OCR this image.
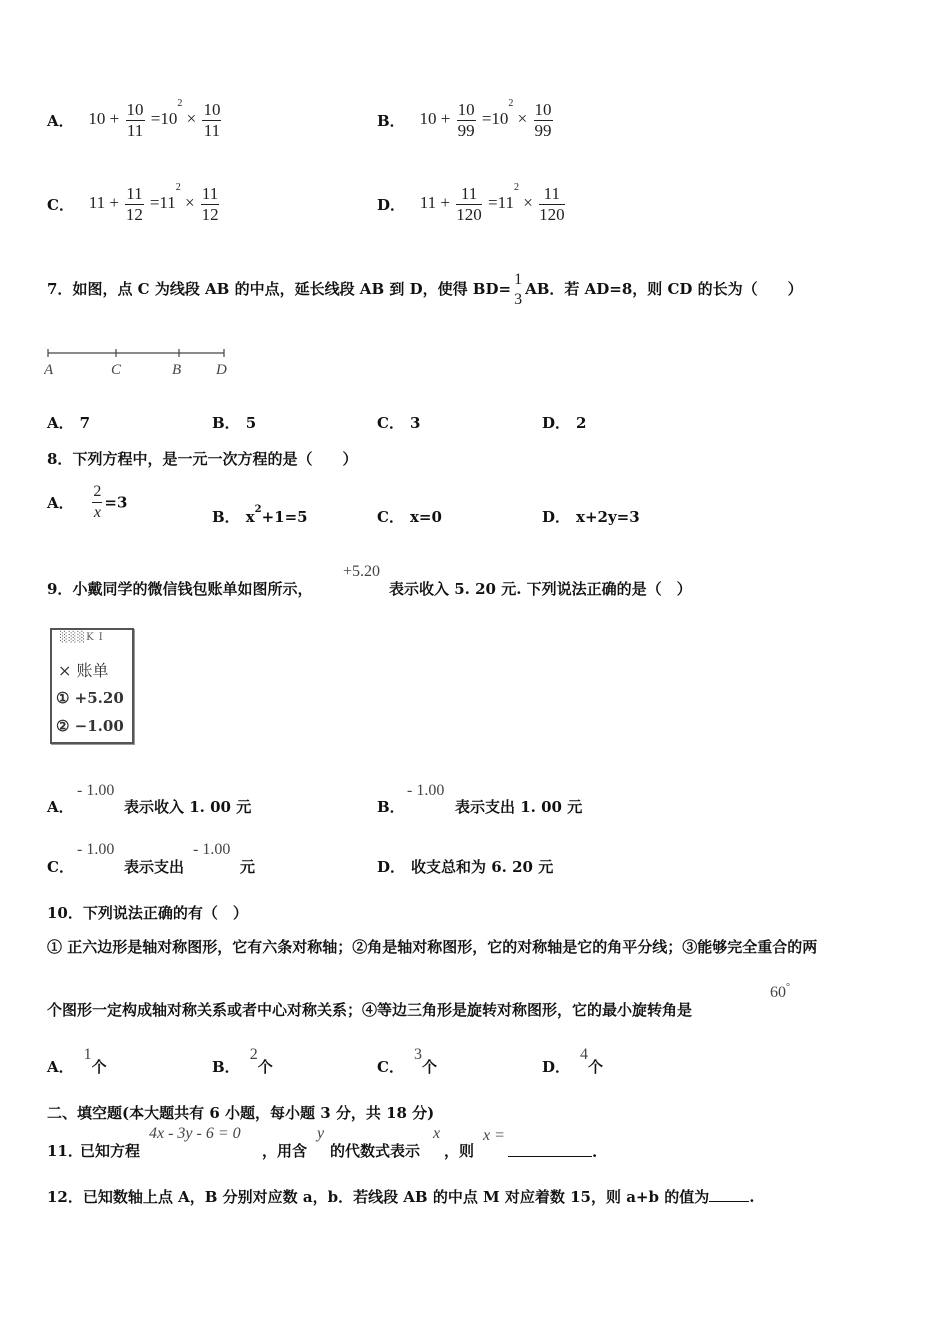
A． $10 + \frac{10}{11} =10^2 \times \frac{10}{11}$	B． $10 + \frac{10}{99} =10^2 \times \frac{10}{99}$
C． $11 + \frac{11}{12} =11^2 \times \frac{11}{12}$	D． $11 + \frac{11}{120} =11^2 \times \frac{11}{120}$
7．如图，点 C 为线段 AB 的中点，延长线段 AB 到 D，使得 BD=
1
3
AB．若 AD=8，则 CD 的长为（　　）
A	C	B D
A． 7	B． 5	C． 3	D． 2
8．下列方程中，是一元一次方程的是（　　）
A． $\frac{2}{x} =3$
B． $x^2+1=5$	C． x=0	D． x+2y=3
9．小戴同学的微信钱包账单如图所示，
+5.20
表示收入 5. 20 元. 下列说法正确的是（　）
░░░K I
× 账单
① +5.20
② −1.00
A．
- 1.00
表示收入 1. 00 元	B．
- 1.00
表示支出 1. 00 元
C．
- 1.00
表示支出
- 1.00
元	D． 收支总和为 6. 20 元
10．下列说法正确的有（　）
① 正六边形是轴对称图形，它有六条对称轴；②角是轴对称图形，它的对称轴是它的角平分线；③能够完全重合的两
个图形一定构成轴对称关系或者中心对称关系；④等边三角形是旋转对称图形，它的最小旋转角是
60°
A．1个	B．2个	C．3个	D．4个
二、填空题(本大题共有 6 小题，每小题 3 分，共 18 分)
11．
已知方程
4x - 3y - 6 = 0
，用含
y
的代数式表示
x
，则
x =
.
12．已知数轴上点 A，B 分别对应数 a，b．若线段 AB 的中点 M 对应着数 15，则 a+b 的值为	.
